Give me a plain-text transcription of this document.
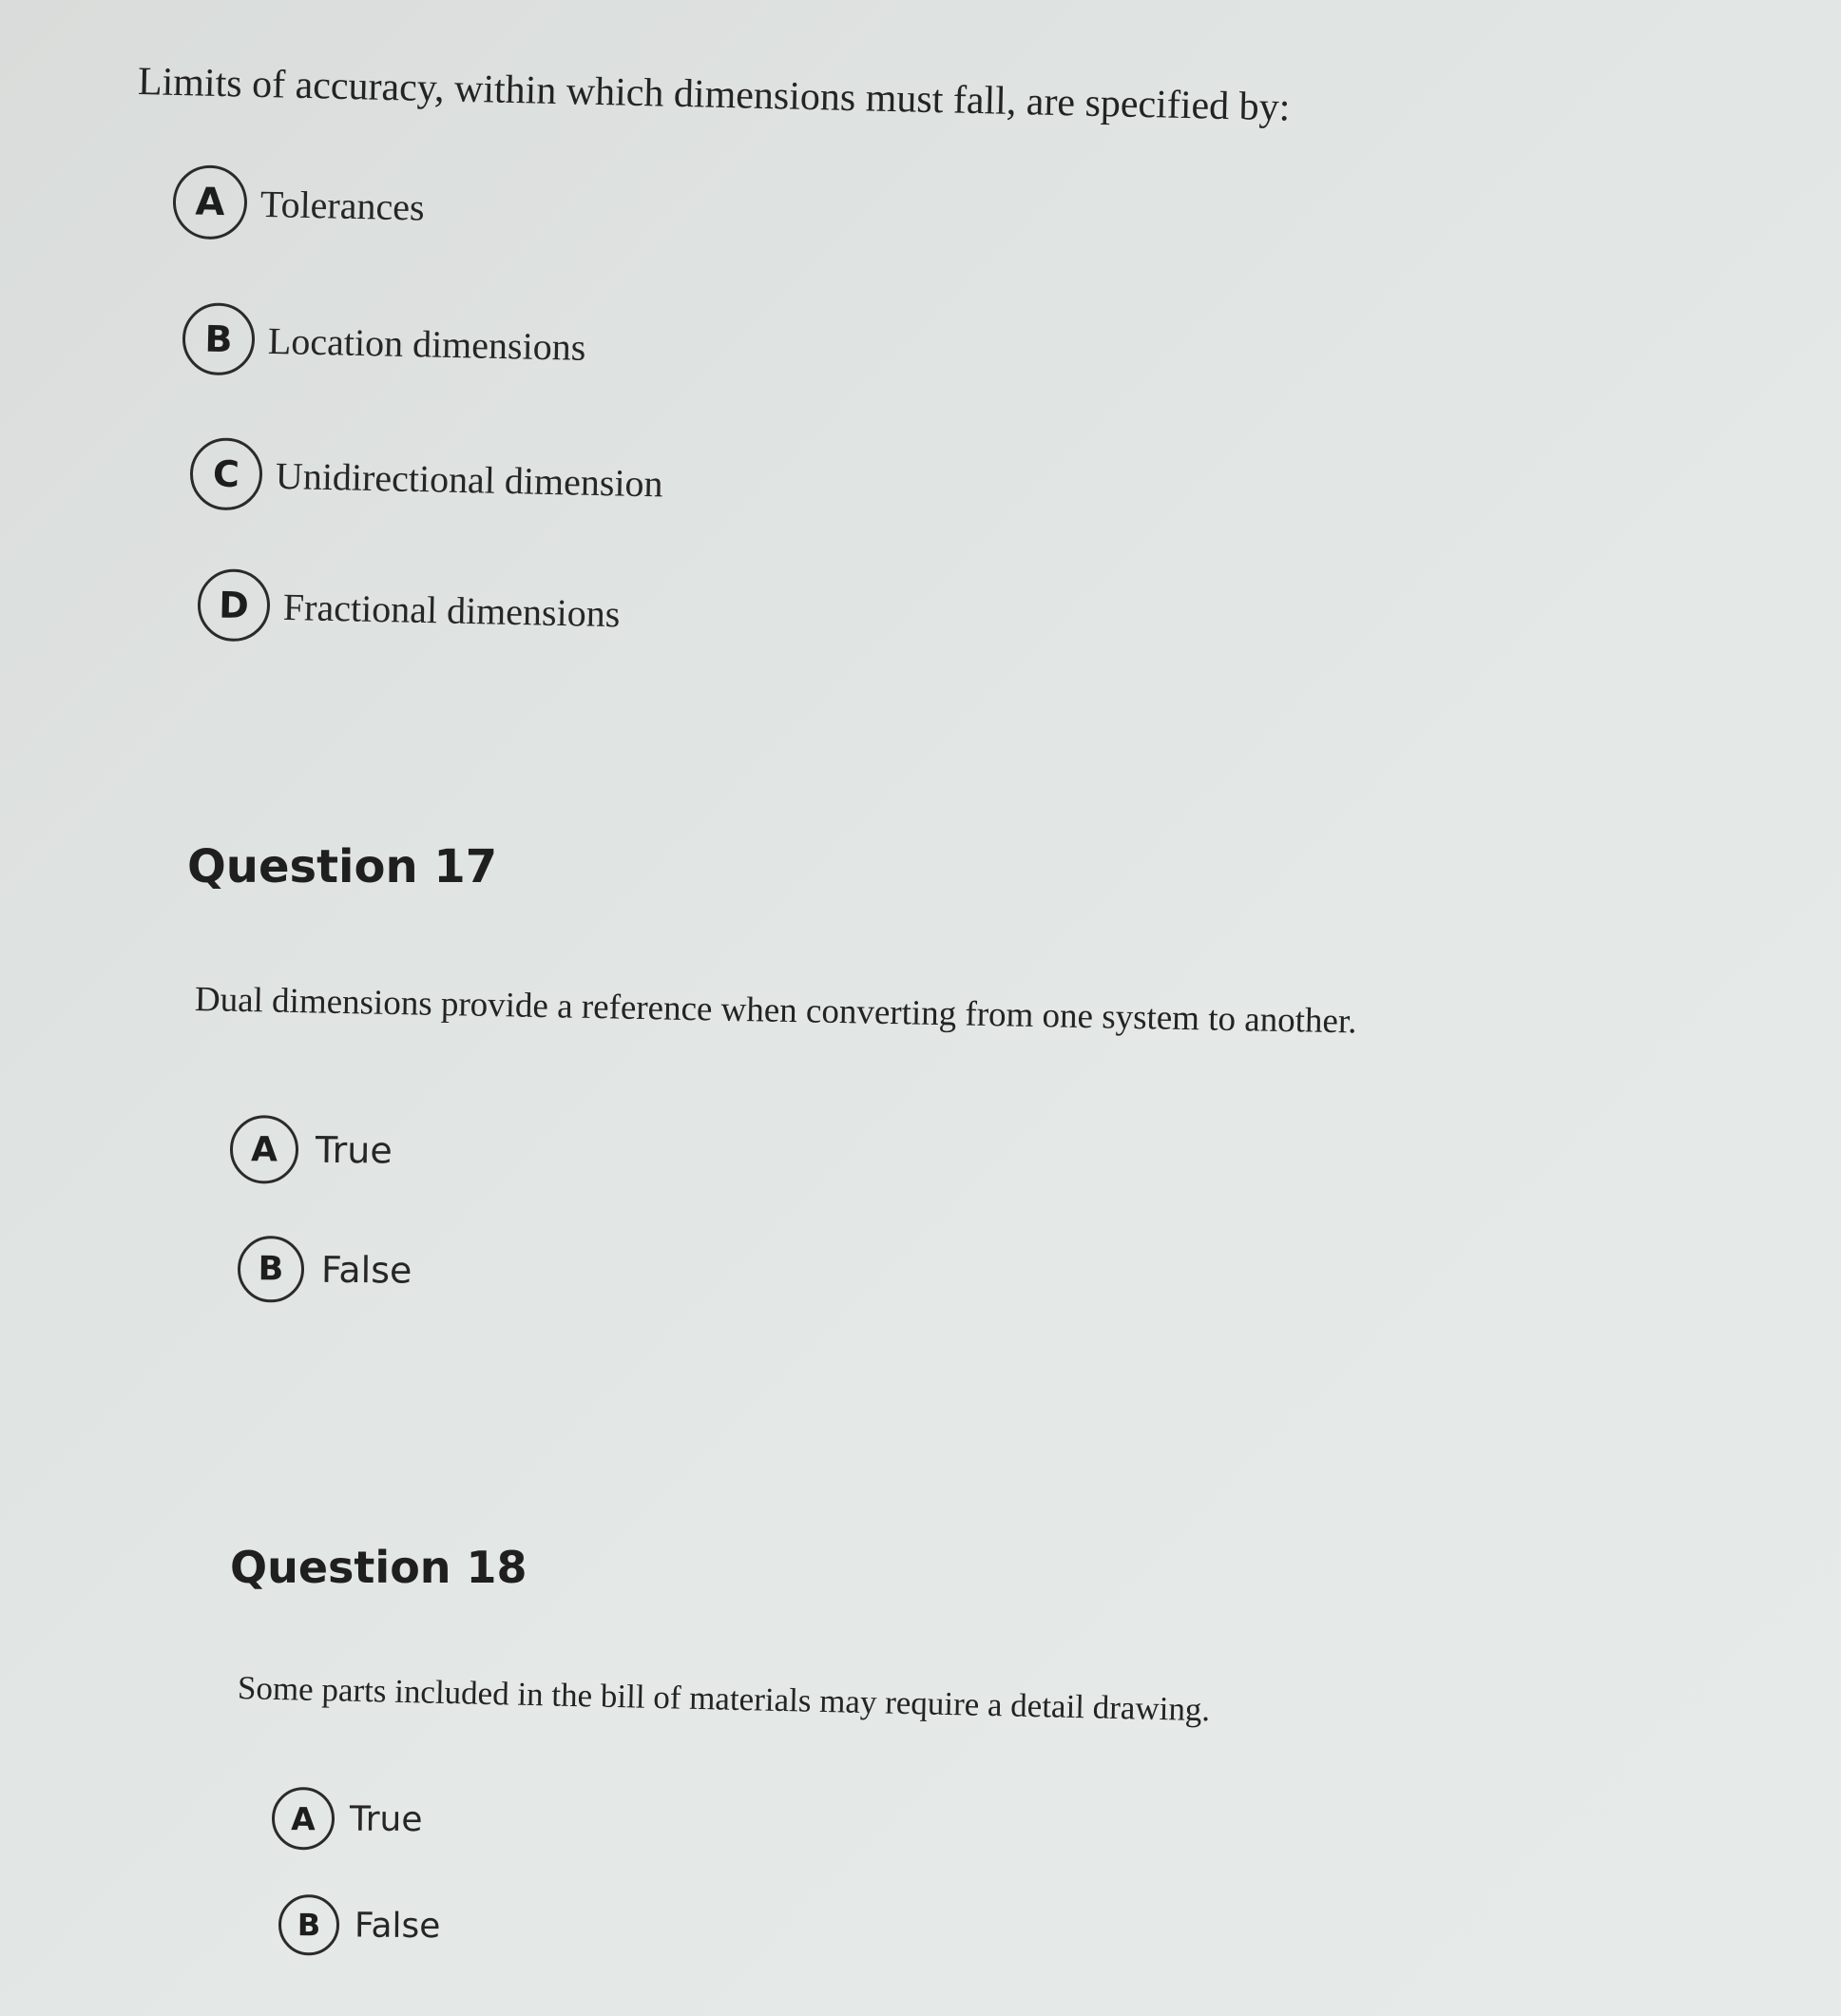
Limits of accuracy, within which dimensions must fall, are specified by:
A Tolerances
B Location dimensions
C Unidirectional dimension
D Fractional dimensions
Question 17
Dual dimensions provide a reference when converting from one system to another.
A	True
B	False
Question 18
Some parts included in the bill of materials may require a detail drawing.
A True
B False
